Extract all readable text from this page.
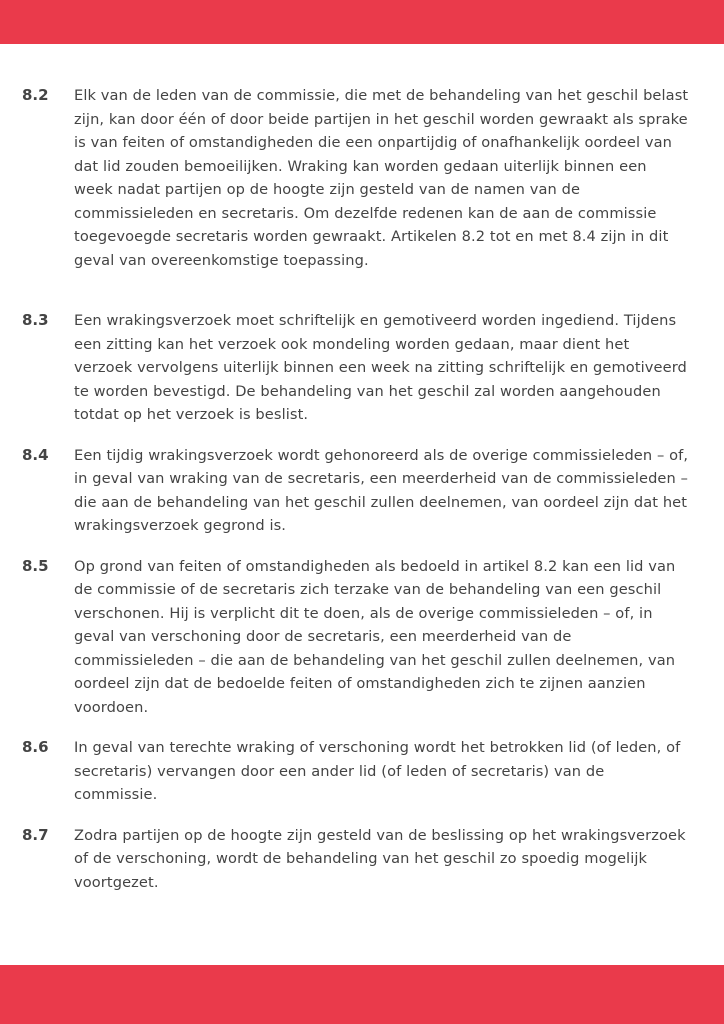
8.2 Elk van de leden van de commissie, die met de behandeling van het geschil belast zijn, kan door één of door beide partijen in het geschil worden gewraakt als sprake is van feiten of omstandigheden die een onpartijdig of onafhankelijk oordeel van dat lid zouden bemoeilijken. Wraking kan worden gedaan uiterlijk binnen een week nadat partijen op de hoogte zijn gesteld van de namen van de commissieleden en secretaris. Om dezelfde redenen kan de aan de commissie toegevoegde secretaris worden gewraakt. Artikelen 8.2 tot en met 8.4 zijn in dit geval van overeenkomstige toepassing.
8.3 Een wrakingsverzoek moet schriftelijk en gemotiveerd worden ingediend. Tijdens een zitting kan het verzoek ook mondeling worden gedaan, maar dient het verzoek vervolgens uiterlijk binnen een week na zitting schriftelijk en gemotiveerd te worden bevestigd. De behandeling van het geschil zal worden aangehouden totdat op het verzoek is beslist.
8.4 Een tijdig wrakingsverzoek wordt gehonoreerd als de overige commissieleden – of, in geval van wraking van de secretaris, een meerderheid van de commissieleden – die aan de behandeling van het geschil zullen deelnemen, van oordeel zijn dat het wrakingsverzoek gegrond is.
8.5 Op grond van feiten of omstandigheden als bedoeld in artikel 8.2 kan een lid van de commissie of de secretaris zich terzake van de behandeling van een geschil verschonen. Hij is verplicht dit te doen, als de overige commissieleden – of, in geval van verschoning door de secretaris, een meerderheid van de commissieleden – die aan de behandeling van het geschil zullen deelnemen, van oordeel zijn dat de bedoelde feiten of omstandigheden zich te zijnen aanzien voordoen.
8.6 In geval van terechte wraking of verschoning wordt het betrokken lid (of leden, of secretaris) vervangen door een ander lid (of leden of secretaris) van de commissie.
8.7 Zodra partijen op de hoogte zijn gesteld van de beslissing op het wrakingsverzoek of de verschoning, wordt de behandeling van het geschil zo spoedig mogelijk voortgezet.
